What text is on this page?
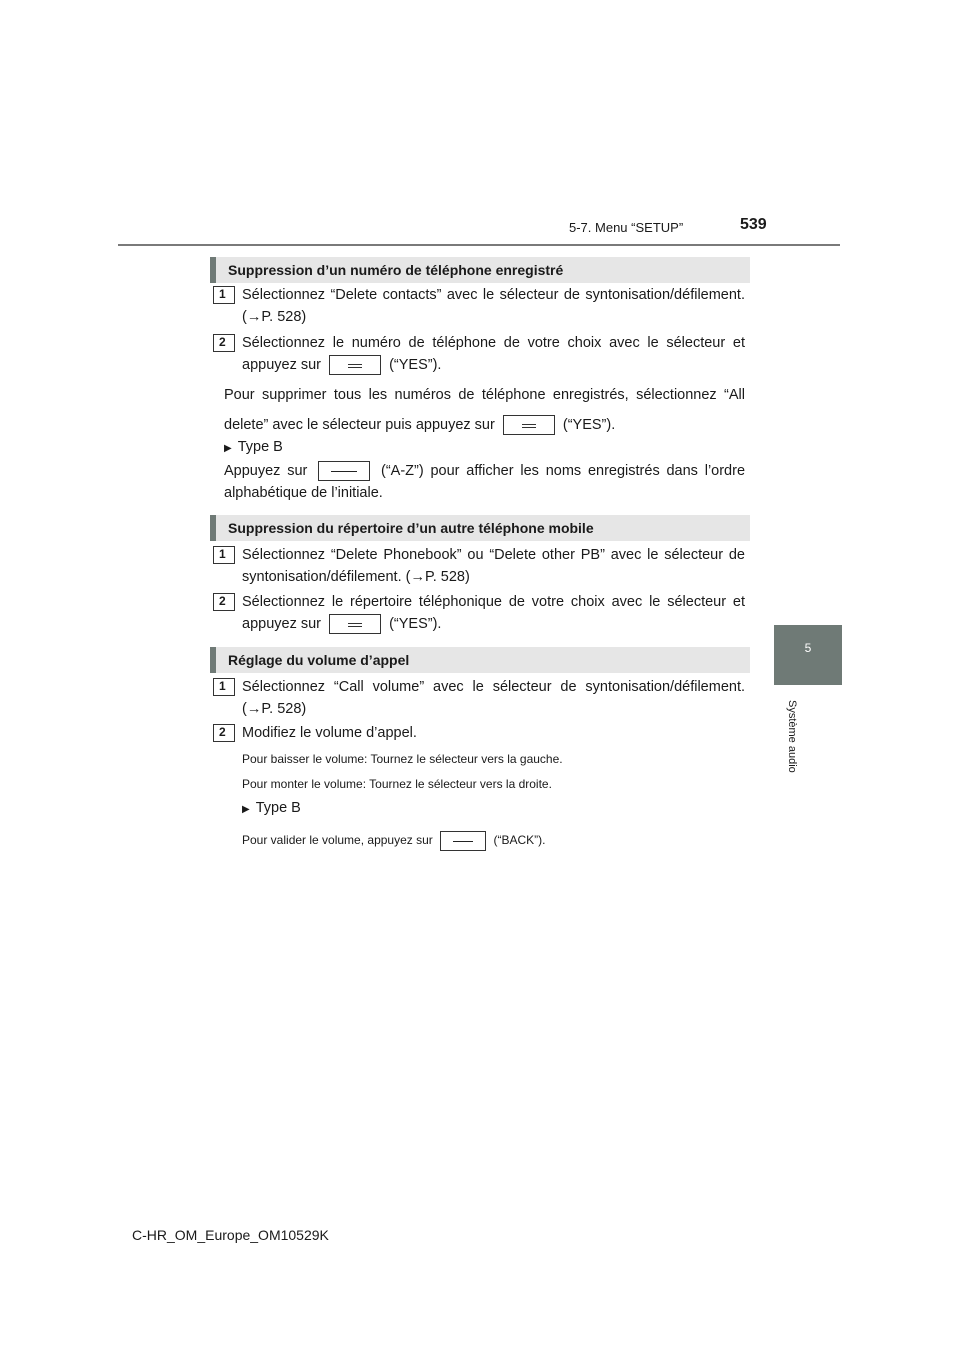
5-7. Menu “SETUP”	539
5
Système audio
Suppression d’un numéro de téléphone enregistré
1	Sélectionnez “Delete contacts” avec le sélecteur de syntonisation/défilement. (→P. 528)
2	Sélectionnez le numéro de téléphone de votre choix avec le sélecteur et appuyez sur	(“YES”).
Pour supprimer tous les numéros de téléphone enregistrés, sélectionnez “All delete” avec le sélecteur puis appuyez sur	(“YES”).
▶ Type B
Appuyez sur	(“A-Z”) pour afficher les noms enregistrés dans l’ordre alphabétique de l’initiale.
Suppression du répertoire d’un autre téléphone mobile
1	Sélectionnez “Delete Phonebook” ou “Delete other PB” avec le sélecteur de syntonisation/défilement. (→P. 528)
2	Sélectionnez le répertoire téléphonique de votre choix avec le sélecteur et appuyez sur	(“YES”).
Réglage du volume d’appel
1	Sélectionnez “Call volume” avec le sélecteur de syntonisation/défilement. (→P. 528)
2	Modifiez le volume d’appel.
Pour baisser le volume: Tournez le sélecteur vers la gauche.
Pour monter le volume: Tournez le sélecteur vers la droite.
▶ Type B
Pour valider le volume, appuyez sur	(“BACK”).
C-HR_OM_Europe_OM10529K
